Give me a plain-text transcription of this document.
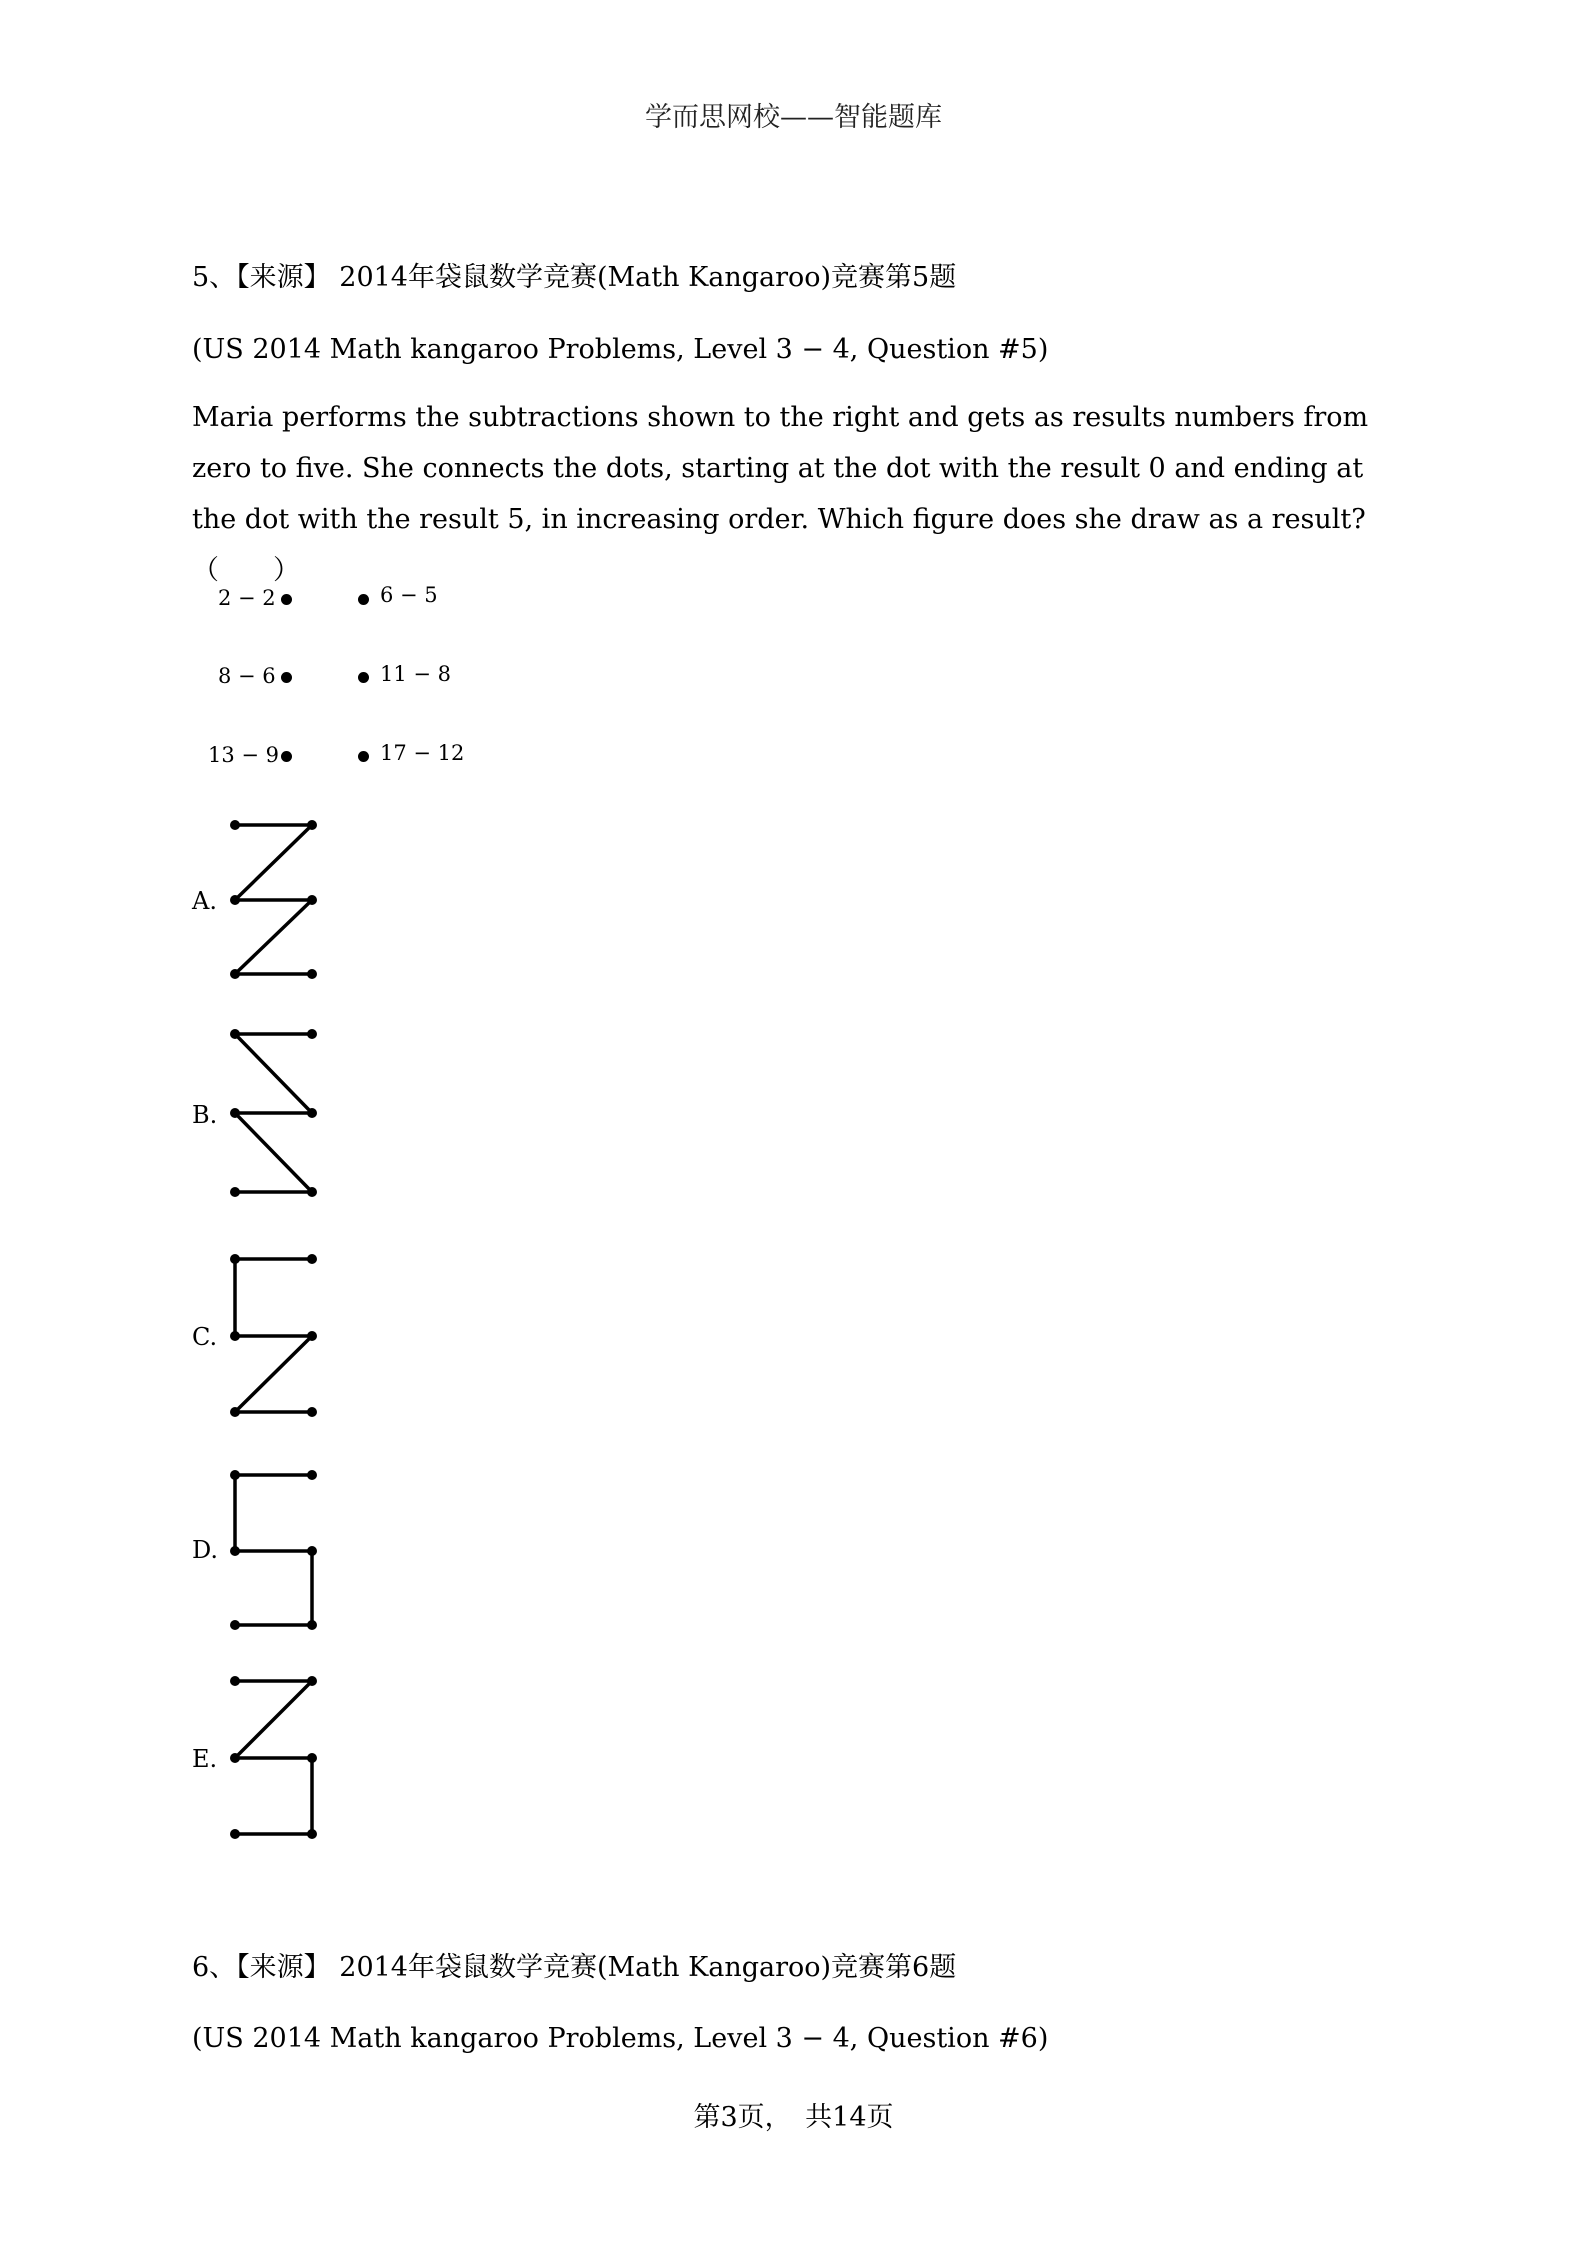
学而思网校——智能题库
5、【来源】 2014年袋鼠数学竞赛(Math Kangaroo)竞赛第5题
(US 2014 Math kangaroo Problems, Level 3 − 4, Question #5)
Maria performs the subtractions shown to the right and gets as results numbers from zero to five. She connects the dots, starting at the dot with the result 0 and ending at the dot with the result 5, in increasing order. Which figure does she draw as a result?（　　）
2 − 2	6 − 5
8 − 6	11 − 8
13 − 9	17 − 12
A.
B.
C.
D.
E.
6、【来源】 2014年袋鼠数学竞赛(Math Kangaroo)竞赛第6题
(US 2014 Math kangaroo Problems, Level 3 − 4, Question #6)
第3页，　共14页
